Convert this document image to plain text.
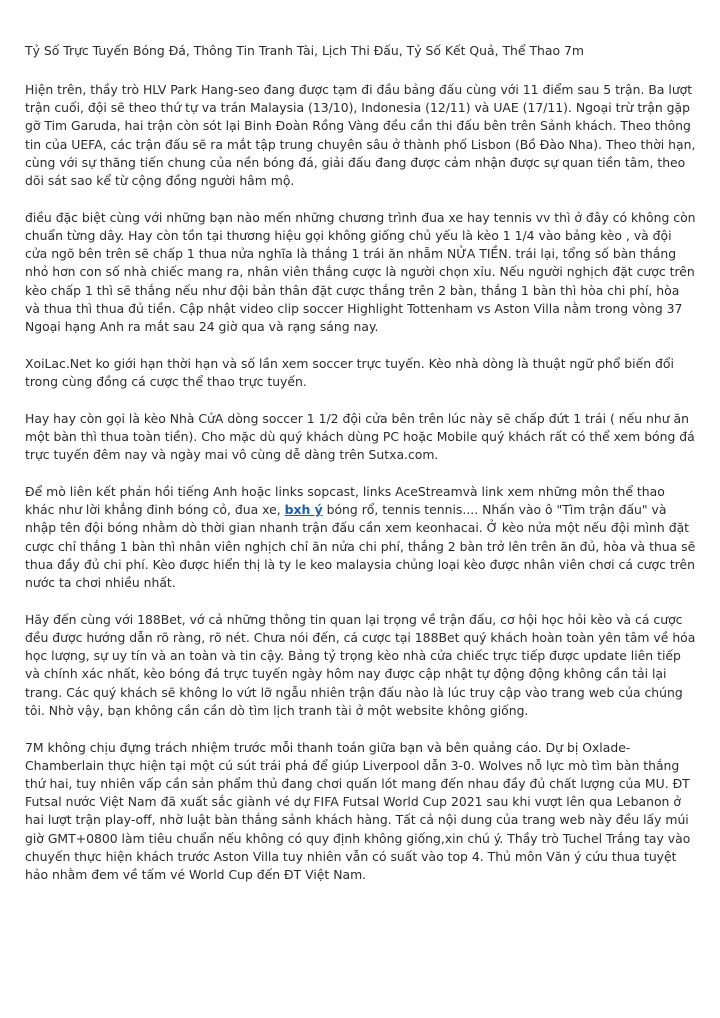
Tỷ Số Trực Tuyến Bóng Đá, Thông Tin Tranh Tài, Lịch Thi Đấu, Tỷ Số Kết Quả, Thể Thao 7m

Hiện trên, thầy trò HLV Park Hang-seo đang được tạm đi đầu bảng đấu cùng với 11 điểm sau 5 trận. Ba lượt trận cuối, đội sẽ theo thứ tự va trán Malaysia (13/10), Indonesia (12/11) và UAE (17/11). Ngoại trừ trận gặp gỡ Tim Garuda, hai trận còn sót lại Binh Đoàn Rồng Vàng đều cần thi đấu bên trên Sảnh khách. Theo thông tin của UEFA, các trận đấu sẽ ra mắt tập trung chuyên sâu ở thành phố Lisbon (Bồ Đào Nha). Theo thời hạn, cùng với sự thăng tiến chung của nền bóng đá, giải đấu đang được cảm nhận được sự quan tiền tâm, theo dõi sát sao kể từ cộng đồng người hâm mộ.

điều đặc biệt cùng với những bạn nào mến những chương trình đua xe hay tennis vv thì ở đây có không còn chuẩn từng dây. Hay còn tồn tại thương hiệu gọi không giống chủ yếu là kèo 1 1/4 vào bảng kèo , và đội cửa ngõ bên trên sẽ chấp 1 thua nửa nghĩa là thắng 1 trái ăn nhẵm NỬA TIỀN. trái lại, tổng số bàn thắng nhỏ hơn con số nhà chiếc mang ra, nhân viên thắng cược là người chọn xỉu. Nếu người nghịch đặt cược trên kèo chấp 1 thì sẽ thắng nếu như đội bản thân đặt cược thắng trên 2 bàn, thắng 1 bàn thì hòa chi phí, hòa và thua thì thua đủ tiền. Cập nhật video clip soccer Highlight Tottenham vs Aston Villa nằm trong vòng 37 Ngoại hạng Anh ra mắt sau 24 giờ qua và rạng sáng nay.

XoiLac.Net ko giới hạn thời hạn và số lần xem soccer trực tuyến. Kèo nhà dòng là thuật ngữ phổ biến đổi trong cùng đồng cá cược thể thao trực tuyến.

Hay hay còn gọi là kèo Nhà CửA dòng soccer 1 1/2 đội cửa bên trên lúc này sẽ chấp đứt 1 trái ( nếu như ăn một bàn thì thua toàn tiền). Cho mặc dù quý khách dùng PC hoặc Mobile quý khách rất có thể xem bóng đá trực tuyến đêm nay và ngày mai vô cùng dễ dàng trên Sutxa.com.

Để mò liên kết phản hồi tiếng Anh hoặc links sopcast, links AceStreamvà link xem những môn thể thao khác như lời khẳng đinh bóng cỏ, đua xe, bxh ý bóng rổ, tennis tennis.... Nhấn vào ô "Tìm trận đấu" và nhập tên đội bóng nhằm dò thời gian nhanh trận đấu cần xem keonhacai. Ở kèo nửa một nếu đội mình đặt cược chỉ thắng 1 bàn thì nhân viên nghịch chỉ ăn nửa chi phí, thắng 2 bàn trở lên trên ăn đủ, hòa và thua sẽ thua đầy đủ chi phí. Kèo được hiển thị là ty le keo malaysia chủng loại kèo được nhân viên chơi cá cược trên nước ta chơi nhiều nhất.

Hãy đến cùng với 188Bet, vớ cả những thông tin quan lại trọng về trận đấu, cơ hội học hỏi kèo và cá cược đều được hướng dẫn rõ ràng, rõ nét. Chưa nói đến, cá cược tại 188Bet quý khách hoàn toàn yên tâm về hóa học lượng, sự uy tín và an toàn và tin cậy. Bảng tỷ trọng kèo nhà cửa chiếc trực tiếp được update liên tiếp và chính xác nhất, kèo bóng đá trực tuyến ngày hôm nay được cập nhật tự động động không cần tải lại trang. Các quý khách sẽ không lo vứt lỡ ngẫu nhiên trận đấu nào là lúc truy cập vào trang web của chúng tôi. Nhờ vậy, bạn không cần cần dò tìm lịch tranh tài ở một website không giống.

7M không chịu đựng trách nhiệm trước mỗi thanh toán giữa bạn và bên quảng cáo. Dự bị Oxlade-Chamberlain thực hiện tại một cú sút trái phá để giúp Liverpool dẫn 3-0. Wolves nỗ lực mò tìm bàn thắng thứ hai, tuy nhiên vấp cần sản phẩm thủ đang chơi quấn lót mang đến nhau đầy đủ chất lượng của MU. ĐT Futsal nước Việt Nam đã xuất sắc giành vé dự FIFA Futsal World Cup 2021 sau khi vượt lên qua Lebanon ở hai lượt trận play-off, nhờ luật bàn thắng sảnh khách hàng. Tất cả nội dung của trang web này đều lấy múi giờ GMT+0800 làm tiêu chuẩn nếu không có quy định không giống,xin chú ý. Thầy trò Tuchel Trắng tay vào chuyến thực hiện khách trước Aston Villa tuy nhiên vẫn có suất vào top 4. Thủ môn Văn ý cứu thua tuyệt hảo nhằm đem về tấm vé World Cup đến ĐT Việt Nam.
